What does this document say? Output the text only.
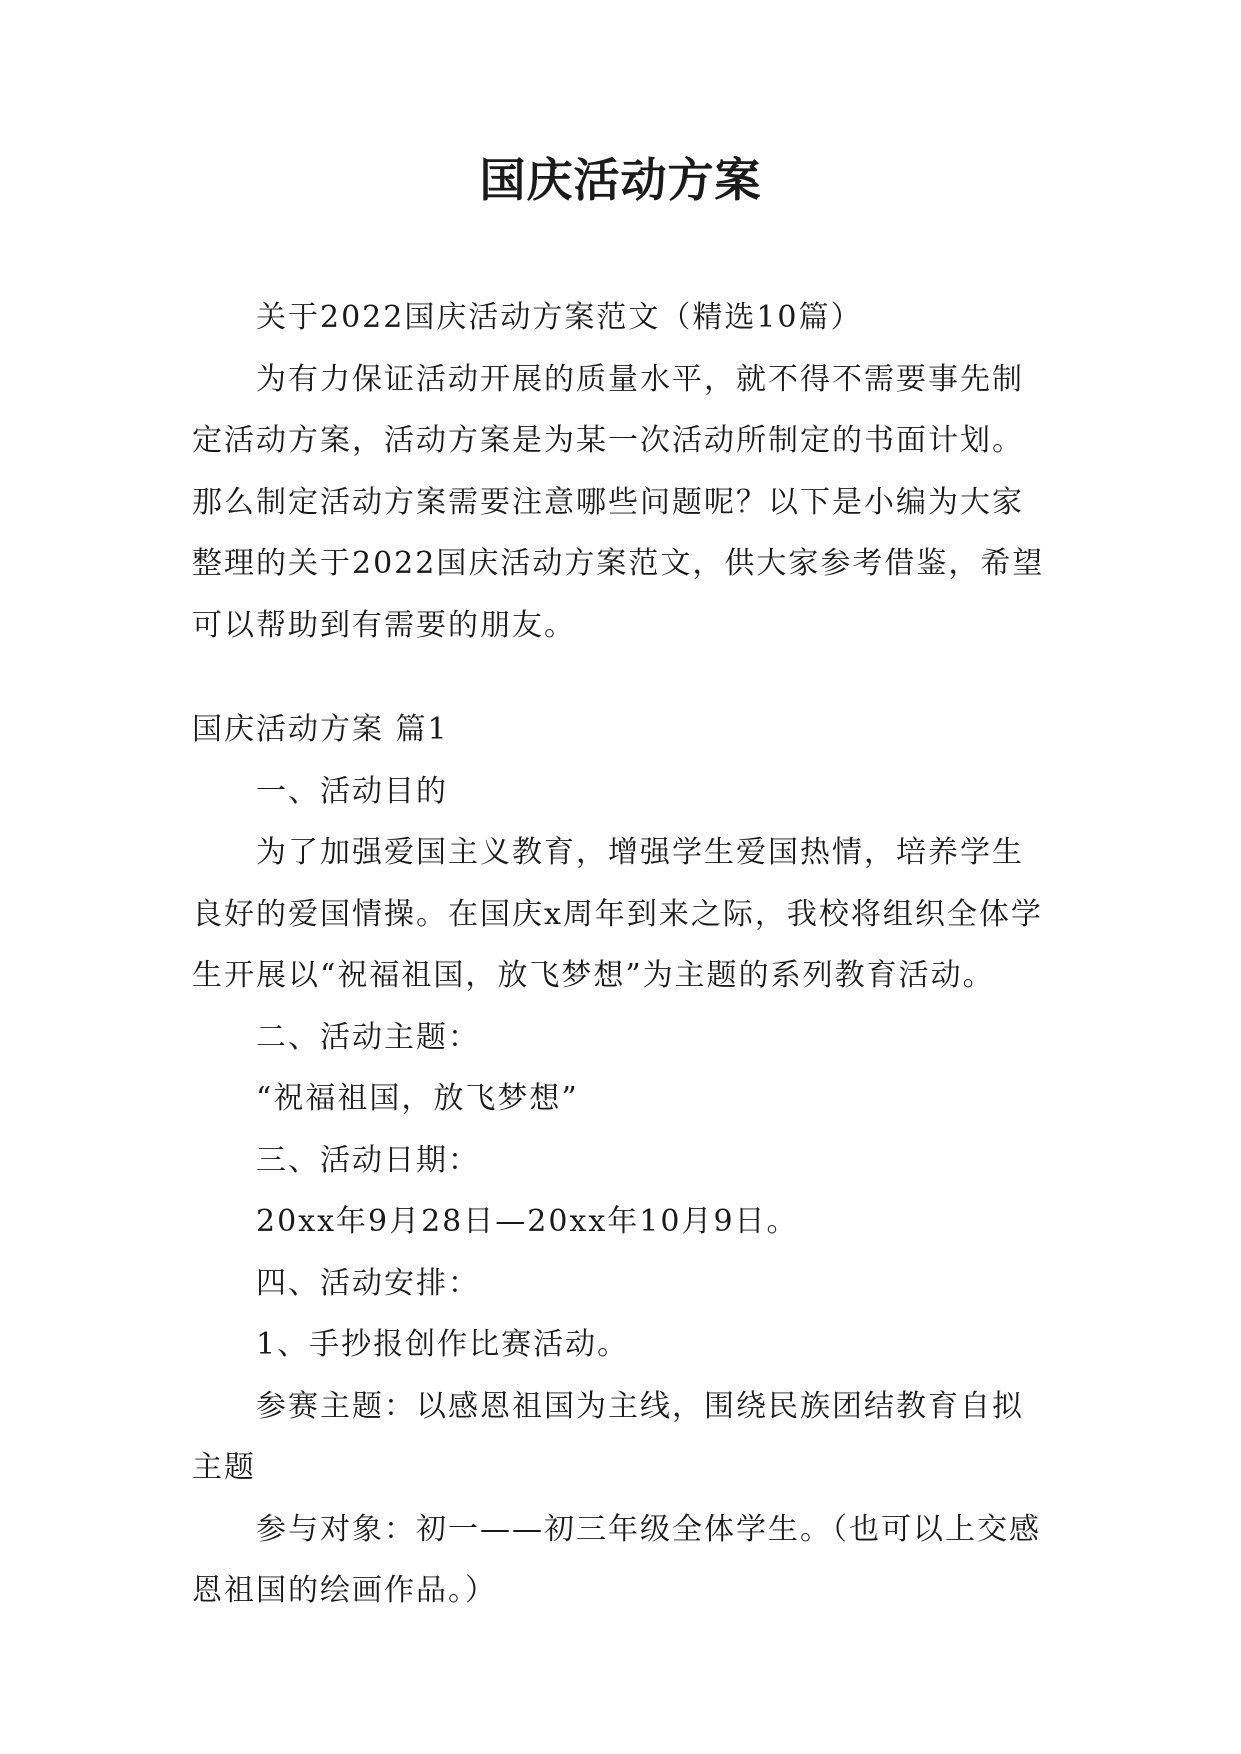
国庆活动方案

关于2022国庆活动方案范文（精选10篇）

为有力保证活动开展的质量水平，就不得不需要事先制定活动方案，活动方案是为某一次活动所制定的书面计划。那么制定活动方案需要注意哪些问题呢？以下是小编为大家整理的关于2022国庆活动方案范文，供大家参考借鉴，希望可以帮助到有需要的朋友。

国庆活动方案 篇1

一、活动目的

为了加强爱国主义教育，增强学生爱国热情，培养学生良好的爱国情操。在国庆x周年到来之际，我校将组织全体学生开展以“祝福祖国，放飞梦想”为主题的系列教育活动。

二、活动主题：

“祝福祖国，放飞梦想”

三、活动日期：

20xx年9月28日—20xx年10月9日。

四、活动安排：

1、手抄报创作比赛活动。

参赛主题：以感恩祖国为主线，围绕民族团结教育自拟主题

参与对象：初一——初三年级全体学生。（也可以上交感恩祖国的绘画作品。）
